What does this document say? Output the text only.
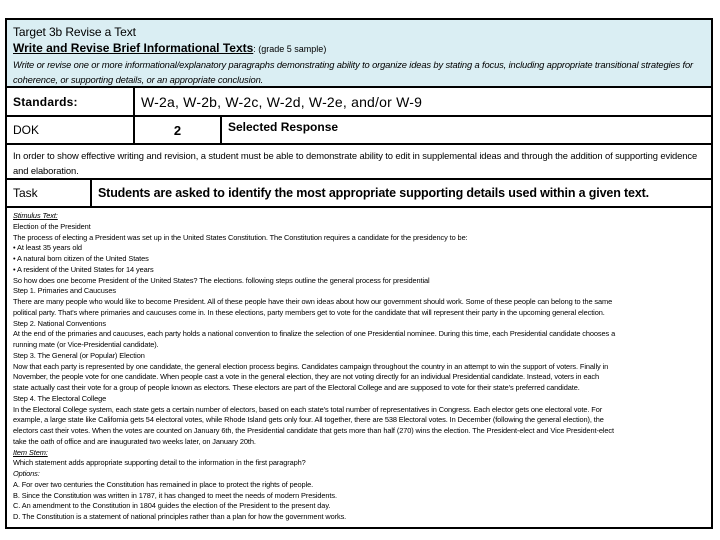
Target 3b Revise a Text
Write and Revise Brief Informational Texts: (grade 5 sample)
Write or revise one or more informational/explanatory paragraphs demonstrating ability to organize ideas by stating a focus, including appropriate transitional strategies for coherence, or supporting details, or an appropriate conclusion.
Standards:	W-2a, W-2b, W-2c, W-2d, W-2e, and/or W-9
DOK	2	Selected Response
In order to show effective writing and revision, a student must be able to demonstrate ability to edit in supplemental ideas and through the addition of supporting evidence and elaboration.
Task	Students are asked to identify the most appropriate supporting details used within a given text.
Stimulus Text:
Election of the President
The process of electing a President was set up in the United States Constitution. The Constitution requires a candidate for the presidency to be:
• At least 35 years old
• A natural born citizen of the United States
• A resident of the United States for 14 years
So how does one become President of the United States? The elections. following steps outline the general process for presidential
Step 1. Primaries and Caucuses
There are many people who would like to become President. All of these people have their own ideas about how our government should work. Some of these people can belong to the same
political party. That's where primaries and caucuses come in. In these elections, party members get to vote for the candidate that will represent their party in the upcoming general election.
Step 2. National Conventions
At the end of the primaries and caucuses, each party holds a national convention to finalize the selection of one Presidential nominee. During this time, each Presidential candidate chooses a
running mate (or Vice-Presidential candidate).
Step 3. The General (or Popular) Election
Now that each party is represented by one candidate, the general election process begins. Candidates campaign throughout the country in an attempt to win the support of voters. Finally in
November, the people vote for one candidate. When people cast a vote in the general election, they are not voting directly for an individual Presidential candidate. Instead, voters in each
state actually cast their vote for a group of people known as electors. These electors are part of the Electoral College and are supposed to vote for their state's preferred candidate.
Step 4. The Electoral College
In the Electoral College system, each state gets a certain number of electors, based on each state's total number of representatives in Congress. Each elector gets one electoral vote. For
example, a large state like California gets 54 electoral votes, while Rhode Island gets only four. All together, there are 538 Electoral votes. In December (following the general election), the
electors cast their votes. When the votes are counted on January 6th, the Presidential candidate that gets more than half (270) wins the election. The President-elect and Vice President-elect
take the oath of office and are inaugurated two weeks later, on January 20th.
Item Stem:
Which statement adds appropriate supporting detail to the information in the first paragraph?
Options:
A. For over two centuries the Constitution has remained in place to protect the rights of people.
B. Since the Constitution was written in 1787, it has changed to meet the needs of modern Presidents.
C. An amendment to the Constitution in 1804 guides the election of the President to the present day.
D. The Constitution is a statement of national principles rather than a plan for how the government works.
